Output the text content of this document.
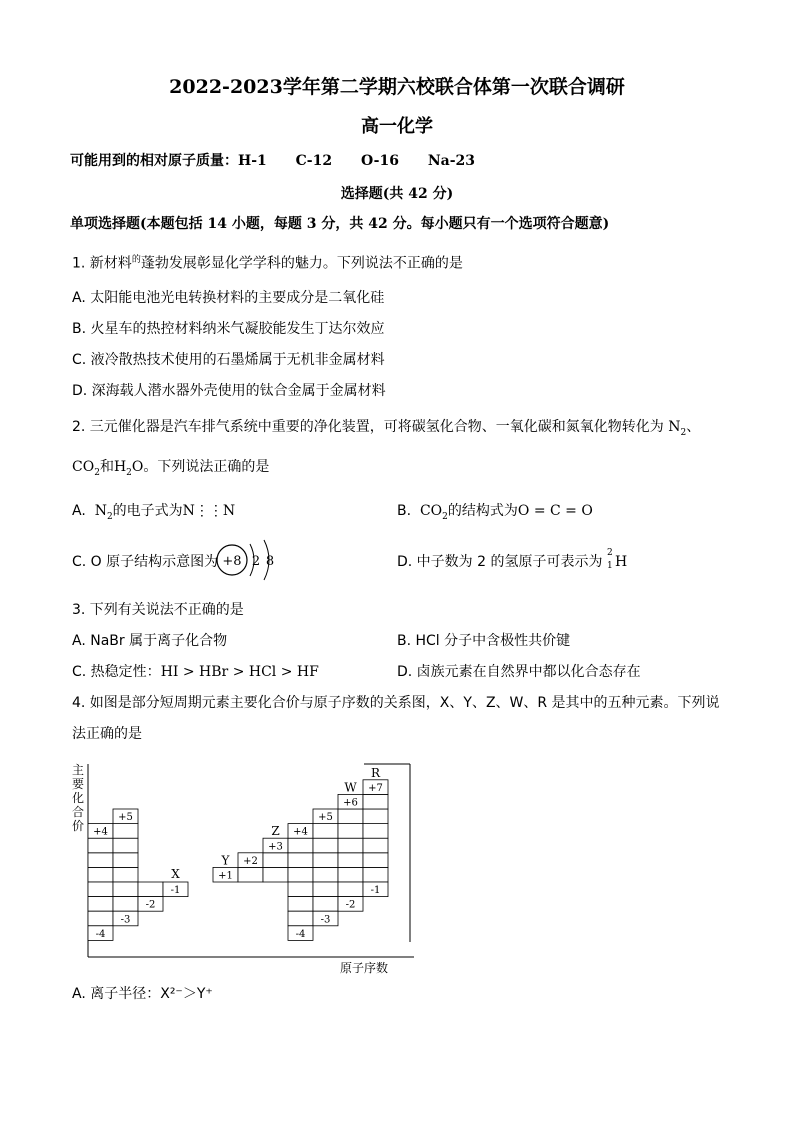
2022-2023学年第二学期六校联合体第一次联合调研
高一化学
可能用到的相对原子质量：H-1 C-12 O-16 Na-23
选择题(共 42 分)
单项选择题(本题包括 14 小题，每题 3 分，共 42 分。每小题只有一个选项符合题意)
1. 新材料$^的$蓬勃发展彰显化学学科的魅力。下列说法不正确的是
A. 太阳能电池光电转换材料的主要成分是二氧化硅
B. 火星车的热控材料纳米气凝胶能发生丁达尔效应
C. 液冷散热技术使用的石墨烯属于无机非金属材料
D. 深海载人潜水器外壳使用的钛合金属于金属材料
2. 三元催化器是汽车排气系统中重要的净化装置，可将碳氢化合物、一氧化碳和氮氧化物转化为 $N_2$、
$CO_2$和$H_2O$。下列说法正确的是
A. $N_2$的电子式为N⋮⋮N	B. $CO_2$的结构式为O = C = O
C. O 原子结构示意图为 +8 2 8	D. 中子数为 2 的氢原子可表示为
2
1 H
3. 下列有关说法不正确的是
A. NaBr 属于离子化合物	B. HCl 分子中含极性共价键
C. 热稳定性：HI > HBr > HCl > HF	D. 卤族元素在自然界中都以化合态存在
4. 如图是部分短周期元素主要化合价与原子序数的关系图，X、Y、Z、W、R 是其中的五种元素。下列说
法正确的是
+4
+5
+1
+2
+3
+4
+5
+6
+7
-4
-3
-2
-1
-4
-3
-2
-1
X
Y
Z
W
R
主要化合价
原子序数
A. 离子半径：X²⁻＞Y⁺
